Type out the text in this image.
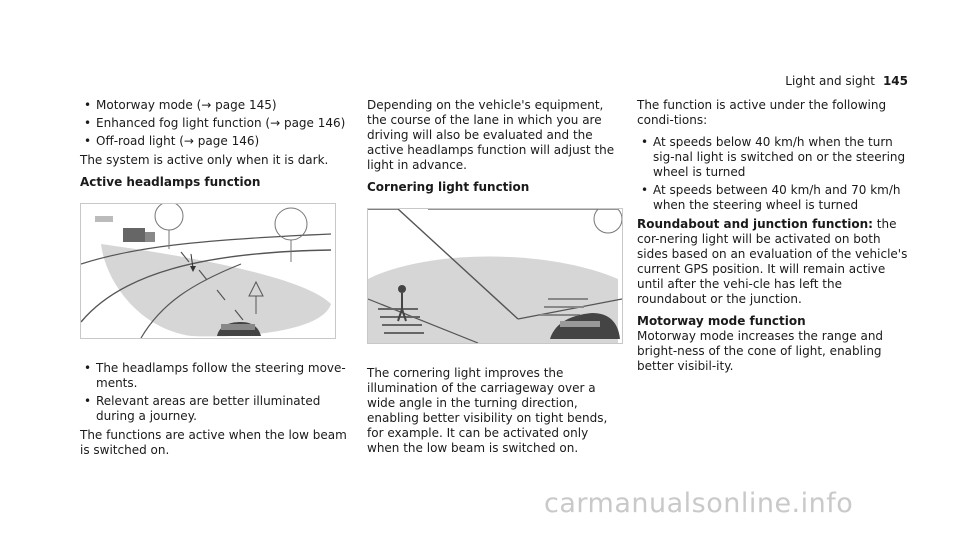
Light and sight 145
• Motorway mode (→ page 145)
• Enhanced fog light function (→ page 146)
• Off-road light (→ page 146)

The system is active only when it is dark.

Active headlamps function
• The headlamps follow the steering move-ments.
• Relevant areas are better illuminated during a journey.

The functions are active when the low beam is switched on.

Depending on the vehicle's equipment, the course of the lane in which you are driving will also be evaluated and the active headlamps function will adjust the light in advance.

Cornering light function

The cornering light improves the illumination of the carriageway over a wide angle in the turning direction, enabling better visibility on tight bends, for example. It can be activated only when the low beam is switched on.

The function is active under the following condi-tions:

• At speeds below 40 km/h when the turn sig-nal light is switched on or the steering wheel is turned
• At speeds between 40 km/h and 70 km/h when the steering wheel is turned

Roundabout and junction function: the cor-nering light will be activated on both sides based on an evaluation of the vehicle's current GPS position. It will remain active until after the vehi-cle has left the roundabout or the junction.

Motorway mode function

Motorway mode increases the range and bright-ness of the cone of light, enabling better visibil-ity.

carmanualsonline.info
